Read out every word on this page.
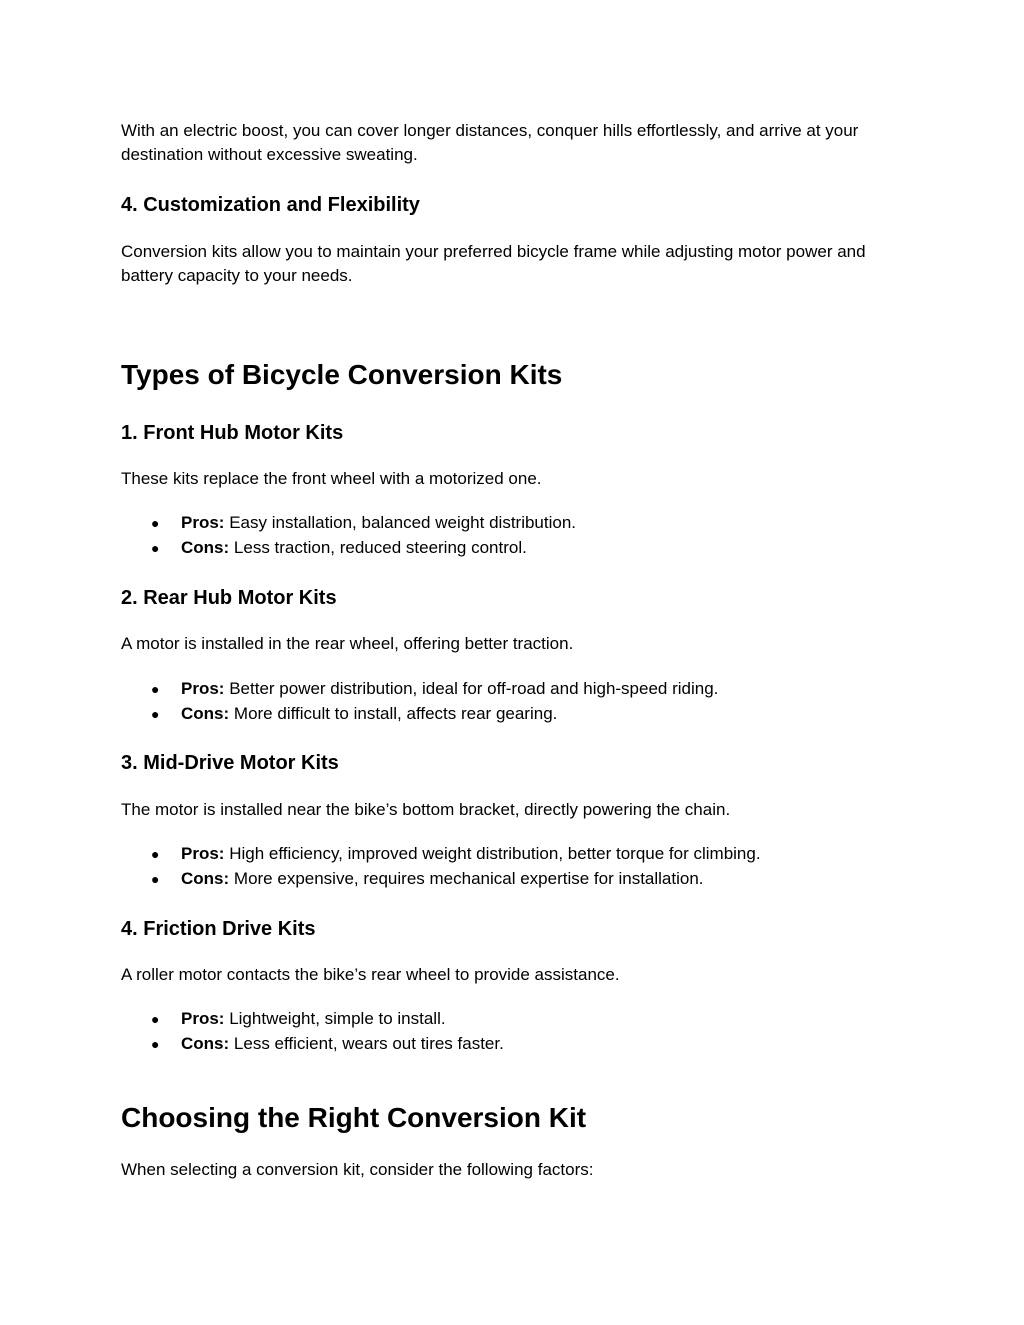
With an electric boost, you can cover longer distances, conquer hills effortlessly, and arrive at your destination without excessive sweating.

4. Customization and Flexibility

Conversion kits allow you to maintain your preferred bicycle frame while adjusting motor power and battery capacity to your needs.

Types of Bicycle Conversion Kits
1. Front Hub Motor Kits

These kits replace the front wheel with a motorized one.

● Pros: Easy installation, balanced weight distribution.
● Cons: Less traction, reduced steering control.
2. Rear Hub Motor Kits

A motor is installed in the rear wheel, offering better traction.

● Pros: Better power distribution, ideal for off-road and high-speed riding.
● Cons: More difficult to install, affects rear gearing.
3. Mid-Drive Motor Kits

The motor is installed near the bike’s bottom bracket, directly powering the chain.

● Pros: High efficiency, improved weight distribution, better torque for climbing.
● Cons: More expensive, requires mechanical expertise for installation.
4. Friction Drive Kits

A roller motor contacts the bike’s rear wheel to provide assistance.

● Pros: Lightweight, simple to install.
● Cons: Less efficient, wears out tires faster.
Choosing the Right Conversion Kit

When selecting a conversion kit, consider the following factors:
